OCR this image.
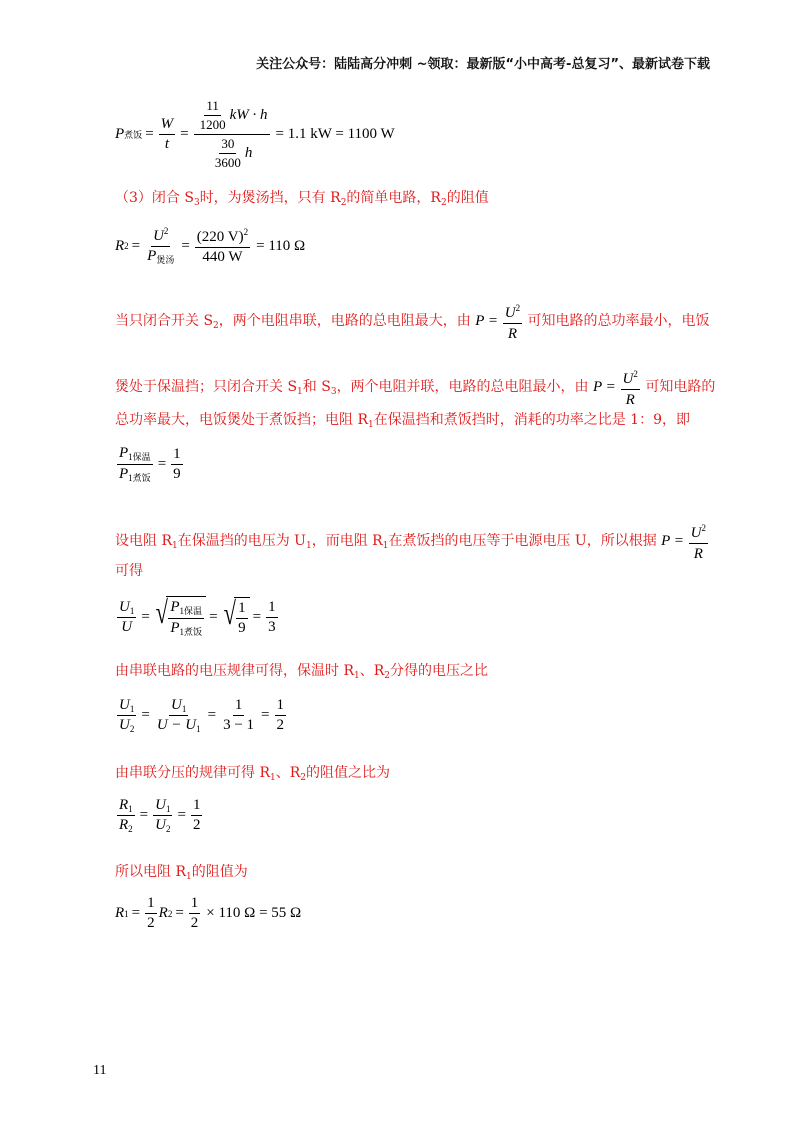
关注公众号：陆陆高分冲刺 ~领取：最新版“小中高考-总复习”、最新试卷下载
P 煮饭 = $\frac{W}{t} = \frac{\frac{11}{1200} kW \cdot h}{\frac{30}{3600} h} = 1.1$ kW = 1100 W
（3）闭合 $S_3$时，为煲汤挡，只有 $R_2$的简单电路，$R_2$的阻值
R $2 = \frac{U^2}{P_{煲汤}} = \frac{(220 V)^2}{440 W} = 110$ Ω
当只闭合开关 $S_2$，两个电阻串联，电路的总电阻最大，由 $P = \frac{U^2}{R}$ 可知电路的总功率最小，电饭
煲处于保温挡；只闭合开关 $S_1$和 $S_3$，两个电阻并联，电路的总电阻最小，由 $P = \frac{U^2}{R}$ 可知电路的
总功率最大，电饭煲处于煮饭挡；电阻 $R_1$在保温挡和煮饭挡时，消耗的功率之比是 1：9，即
$\frac{P_{1保温}}{P_{1煮饭}} = \frac{1}{9}$
设电阻 $R_1$在保温挡的电压为 $U_1$，而电阻 $R_1$在煮饭挡的电压等于电源电压 U，所以根据 $P = \frac{U^2}{R}$
可得
$\frac{U_1}{U}$ = √ $\frac{P_{1保温}}{P_{1煮饭}}$ = √ $\frac{1}{9} = \frac{1}{3}$
由串联电路的电压规律可得，保温时 $R_1$、$R_2$分得的电压之比
$\frac{U_1}{U_2} = \frac{U_1}{U - U_1} = \frac{1}{3 - 1} = \frac{1}{2}$
由串联分压的规律可得 $R_1$、$R_2$的阻值之比为
$\frac{R_1}{R_2} = \frac{U_1}{U_2} = \frac{1}{2}$
所以电阻 $R_1$的阻值为
R $1 = \frac{1}{2}$ R $2 = \frac{1}{2} \times 110$ Ω = 55 Ω
11
